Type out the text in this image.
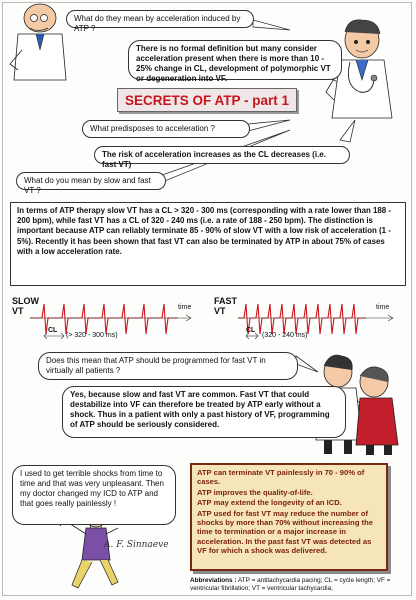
What do they mean by acceleration induced by ATP ?
There is no formal definition but many consider acceleration present when there is more than 10 - 25% change in CL, development of polymorphic VT or degeneration into VF.
SECRETS OF ATP - part 1
What predisposes to acceleration ?
The risk of acceleration increases as the CL decreases (i.e. fast VT)
What do you mean by slow and fast VT ?
In terms of ATP therapy slow VT has a CL > 320 - 300 ms (corresponding with a rate lower than 188 - 200 bpm), while fast VT has a CL of 320 - 240 ms (i.e. a rate of 188 - 250 bpm). The distinction is important because ATP can reliably terminate 85 - 90% of slow VT with a low risk of acceleration (1 - 5%). Recently it has been shown that fast VT can also be terminated by ATP in about 75% of cases with a low acceleration rate.
SLOW
VT	time
CL
(> 320 - 300 ms)
FAST
VT	time
CL
(320 - 240 ms)
Does this mean that ATP should be programmed for fast VT in virtually all patients ?
Yes, because slow and fast VT are common. Fast VT that could destabilize into VF can therefore be treated by ATP early without a shock. Thus in a patient with only a past history of VF, programming of ATP should be seriously considered.
I used to get terrible shocks from time to time and that was very unpleasant. Then my doctor changed my ICD to ATP and that goes really painlessly !
A. F. Sinnaeve

ATP can terminate VT painlessly in 70 - 90% of cases.

ATP improves the quality-of-life.

ATP may extend the longevity of an ICD.

ATP used for fast VT may reduce the number of shocks by more than 70% without increasing the time to termination or a major increase in acceleration. In the past fast VT was detected as VF for which a shock was delivered.

Abbreviations : ATP = antitachycardia pacing; CL = cycle length; VF = ventricular fibrillation; VT = ventricular tachycardia;
